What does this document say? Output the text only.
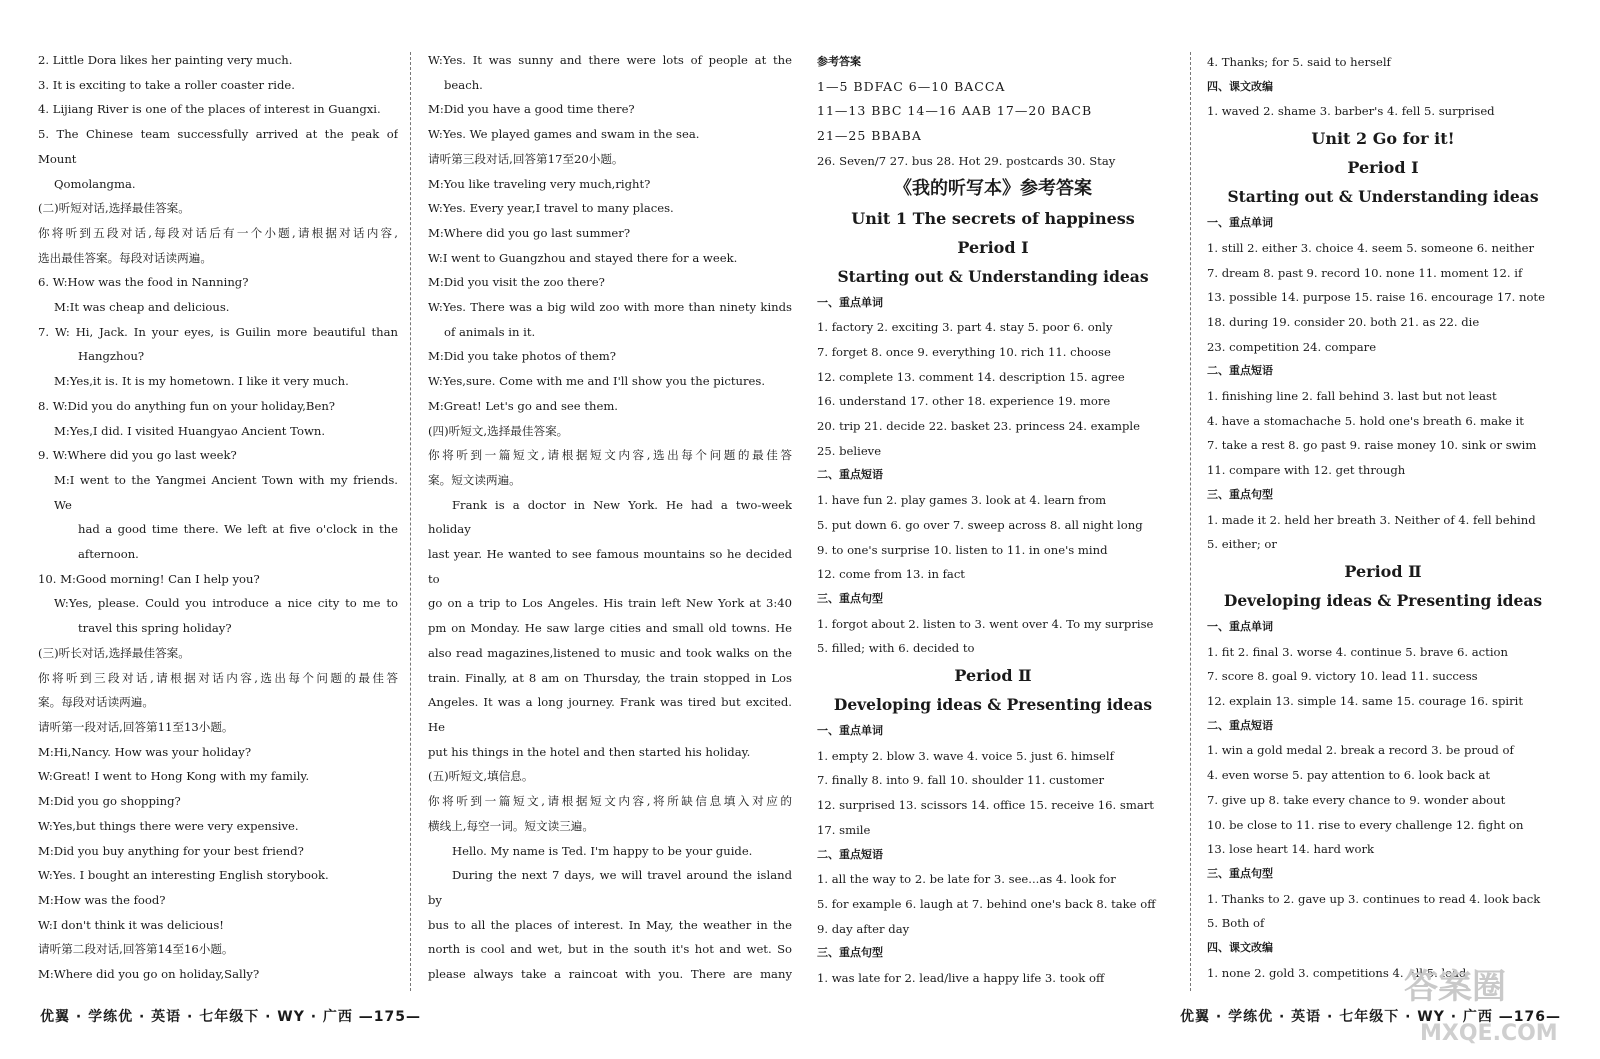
2. Little Dora likes her painting very much.
3. It is exciting to take a roller coaster ride.
4. Lijiang River is one of the places of interest in Guangxi.
5. The Chinese team successfully arrived at the peak of Mount
Qomolangma.
(二)听短对话,选择最佳答案。
你将听到五段对话,每段对话后有一个小题,请根据对话内容,
选出最佳答案。每段对话读两遍。
6. W:How was the food in Nanning?
M:It was cheap and delicious.
7. W: Hi, Jack. In your eyes, is Guilin more beautiful than
Hangzhou?
M:Yes,it is. It is my hometown. I like it very much.
8. W:Did you do anything fun on your holiday,Ben?
M:Yes,I did. I visited Huangyao Ancient Town.
9. W:Where did you go last week?
M:I went to the Yangmei Ancient Town with my friends. We
had a good time there. We left at five o'clock in the
afternoon.
10. M:Good morning! Can I help you?
W:Yes, please. Could you introduce a nice city to me to
travel this spring holiday?
(三)听长对话,选择最佳答案。
你将听到三段对话,请根据对话内容,选出每个问题的最佳答
案。每段对话读两遍。
请听第一段对话,回答第11至13小题。
M:Hi,Nancy. How was your holiday?
W:Great! I went to Hong Kong with my family.
M:Did you go shopping?
W:Yes,but things there were very expensive.
M:Did you buy anything for your best friend?
W:Yes. I bought an interesting English storybook.
M:How was the food?
W:I don't think it was delicious!
请听第二段对话,回答第14至16小题。
M:Where did you go on holiday,Sally?
W:Yes. It was sunny and there were lots of people at the
beach.
M:Did you have a good time there?
W:Yes. We played games and swam in the sea.
请听第三段对话,回答第17至20小题。
M:You like traveling very much,right?
W:Yes. Every year,I travel to many places.
M:Where did you go last summer?
W:I went to Guangzhou and stayed there for a week.
M:Did you visit the zoo there?
W:Yes. There was a big wild zoo with more than ninety kinds
of animals in it.
M:Did you take photos of them?
W:Yes,sure. Come with me and I'll show you the pictures.
M:Great! Let's go and see them.
(四)听短文,选择最佳答案。
你将听到一篇短文,请根据短文内容,选出每个问题的最佳答
案。短文读两遍。
Frank is a doctor in New York. He had a two-week holiday
last year. He wanted to see famous mountains so he decided to
go on a trip to Los Angeles. His train left New York at 3:40
pm on Monday. He saw large cities and small old towns. He
also read magazines,listened to music and took walks on the
train. Finally, at 8 am on Thursday, the train stopped in Los
Angeles. It was a long journey. Frank was tired but excited. He
put his things in the hotel and then started his holiday.
(五)听短文,填信息。
你将听到一篇短文,请根据短文内容,将所缺信息填入对应的
横线上,每空一词。短文读三遍。
Hello. My name is Ted. I'm happy to be your guide.
During the next 7 days, we will travel around the island by
bus to all the places of interest. In May, the weather in the
north is cool and wet, but in the south it's hot and wet. So
please always take a raincoat with you. There are many
参考答案
1—5 BDFAC 6—10 BACCA
11—13 BBC 14—16 AAB 17—20 BACB
21—25 BBABA
26. Seven/7 27. bus 28. Hot 29. postcards 30. Stay
《我的听写本》参考答案
Unit 1 The secrets of happiness
Period Ⅰ
Starting out & Understanding ideas
一、重点单词
1. factory 2. exciting 3. part 4. stay 5. poor 6. only
7. forget 8. once 9. everything 10. rich 11. choose
12. complete 13. comment 14. description 15. agree
16. understand 17. other 18. experience 19. more
20. trip 21. decide 22. basket 23. princess 24. example
25. believe
二、重点短语
1. have fun 2. play games 3. look at 4. learn from
5. put down 6. go over 7. sweep across 8. all night long
9. to one's surprise 10. listen to 11. in one's mind
12. come from 13. in fact
三、重点句型
1. forgot about 2. listen to 3. went over 4. To my surprise
5. filled; with 6. decided to
Period Ⅱ
Developing ideas & Presenting ideas
一、重点单词
1. empty 2. blow 3. wave 4. voice 5. just 6. himself
7. finally 8. into 9. fall 10. shoulder 11. customer
12. surprised 13. scissors 14. office 15. receive 16. smart
17. smile
二、重点短语
1. all the way to 2. be late for 3. see...as 4. look for
5. for example 6. laugh at 7. behind one's back 8. take off
9. day after day
三、重点句型
1. was late for 2. lead/live a happy life 3. took off
4. Thanks; for 5. said to herself
四、课文改编
1. waved 2. shame 3. barber's 4. fell 5. surprised
Unit 2 Go for it!
Period Ⅰ
Starting out & Understanding ideas
一、重点单词
1. still 2. either 3. choice 4. seem 5. someone 6. neither
7. dream 8. past 9. record 10. none 11. moment 12. if
13. possible 14. purpose 15. raise 16. encourage 17. note
18. during 19. consider 20. both 21. as 22. die
23. competition 24. compare
二、重点短语
1. finishing line 2. fall behind 3. last but not least
4. have a stomachache 5. hold one's breath 6. make it
7. take a rest 8. go past 9. raise money 10. sink or swim
11. compare with 12. get through
三、重点句型
1. made it 2. held her breath 3. Neither of 4. fell behind
5. either; or
Period Ⅱ
Developing ideas & Presenting ideas
一、重点单词
1. fit 2. final 3. worse 4. continue 5. brave 6. action
7. score 8. goal 9. victory 10. lead 11. success
12. explain 13. simple 14. same 15. courage 16. spirit
二、重点短语
1. win a gold medal 2. break a record 3. be proud of
4. even worse 5. pay attention to 6. look back at
7. give up 8. take every chance to 9. wonder about
10. be close to 11. rise to every challenge 12. fight on
13. lose heart 14. hard work
三、重点句型
1. Thanks to 2. gave up 3. continues to read 4. look back
5. Both of
四、课文改编
1. none 2. gold 3. competitions 4. All 5. lead
优翼 · 学练优 · 英语 · 七年级下 · WY · 广西 —175—	优翼 · 学练优 · 英语 · 七年级下 · WY · 广西 —176—
答案圈
MXQE.COM
